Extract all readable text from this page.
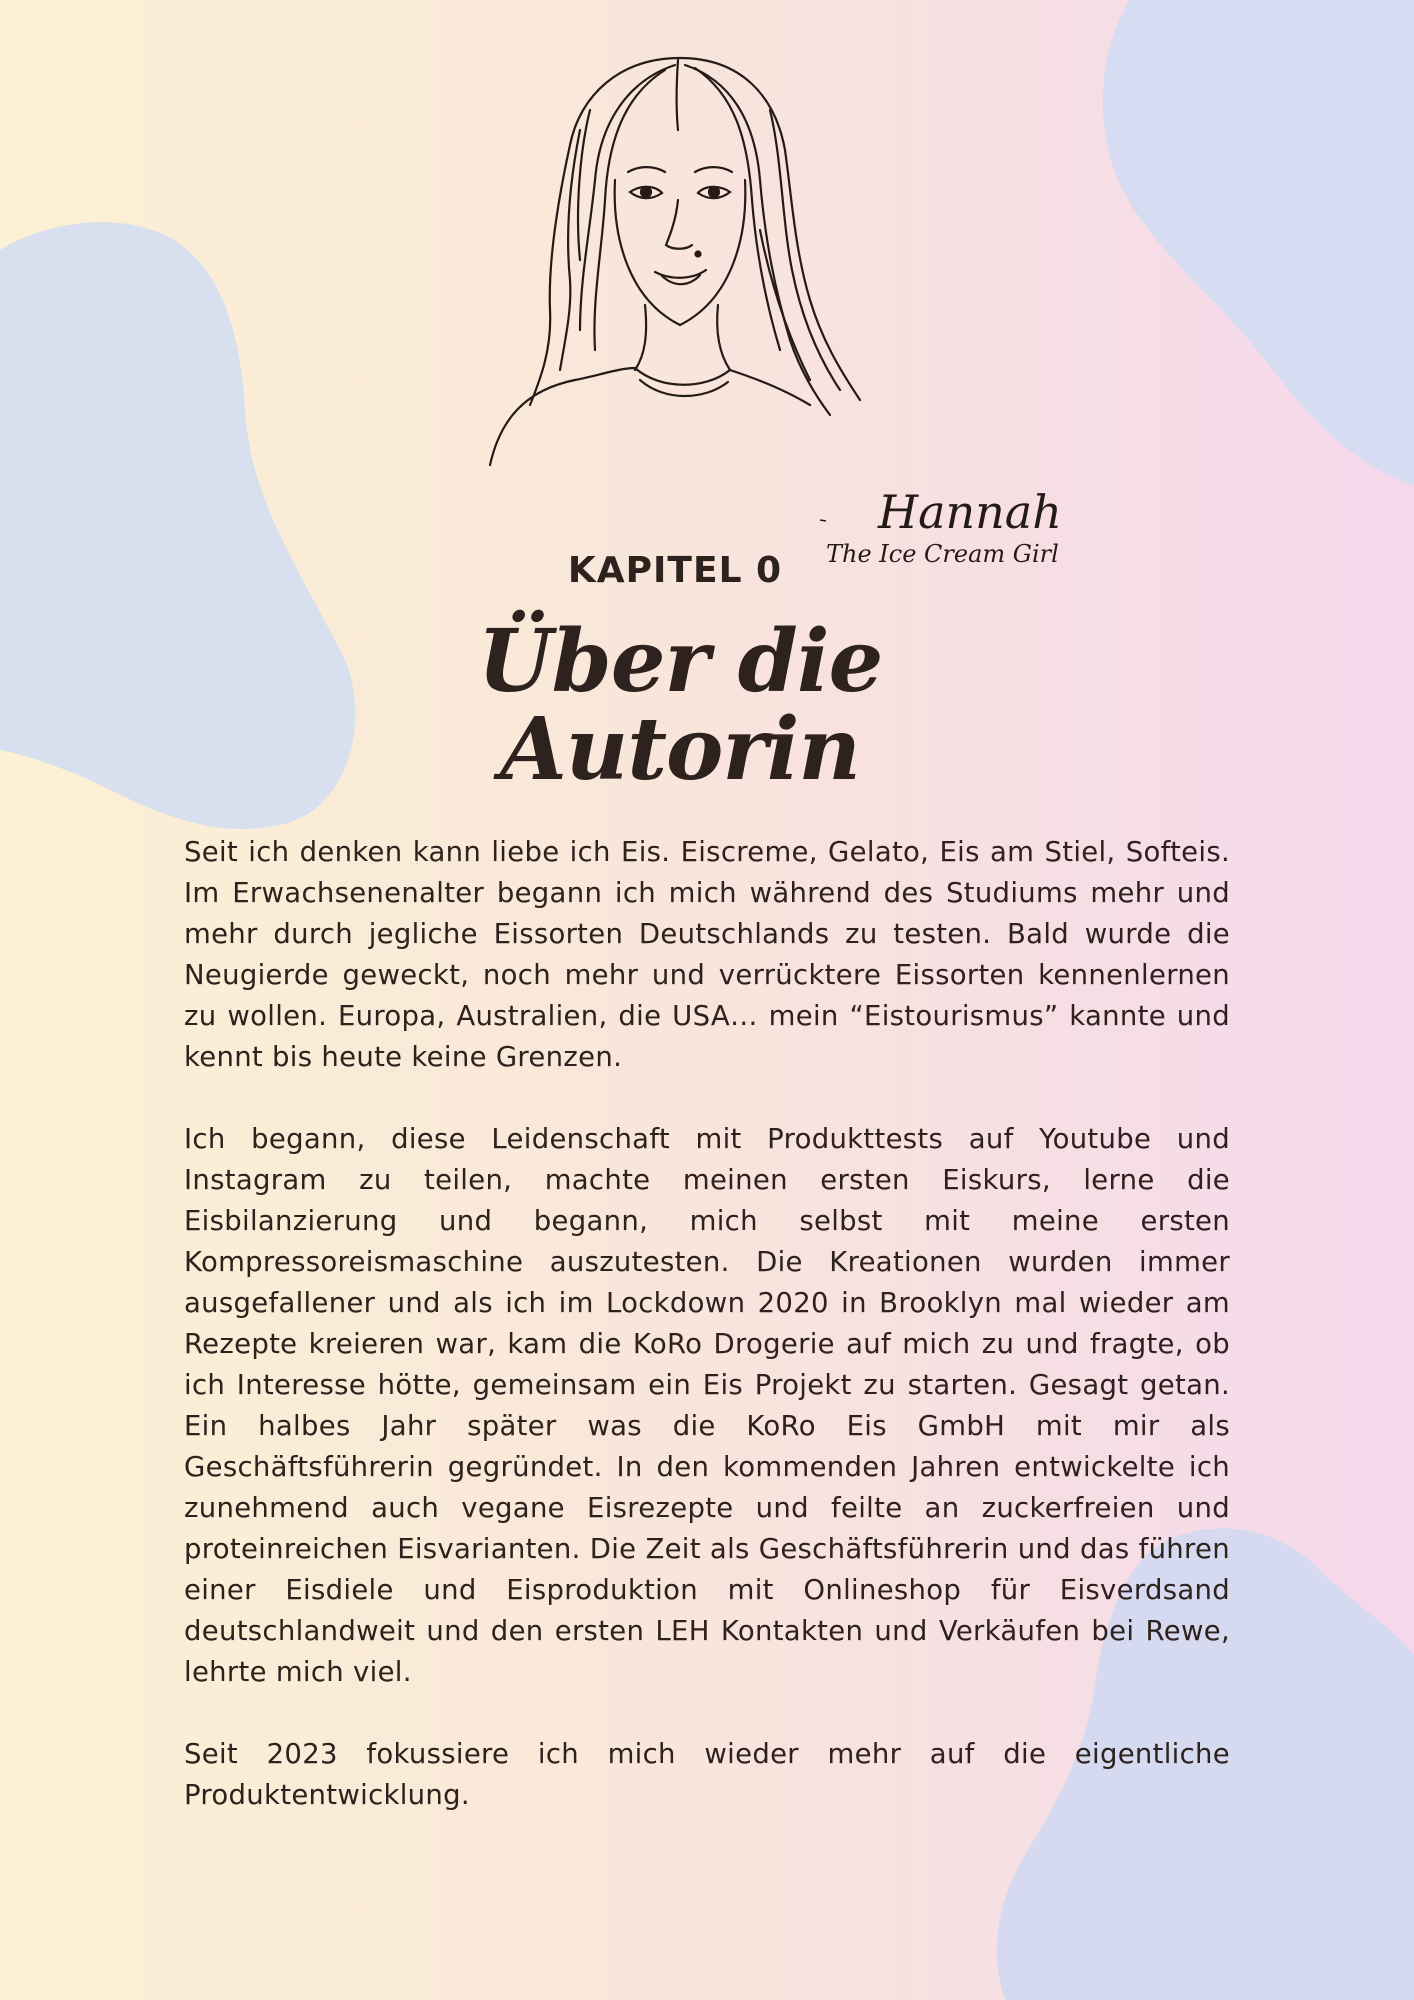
Hannah
The Ice Cream Girl
KAPITEL 0
Über die
Autorin

Seit ich denken kann liebe ich Eis. Eiscreme, Gelato, Eis am Stiel, Softeis. Im Erwachsenenalter begann ich mich während des Studiums mehr und mehr durch jegliche Eissorten Deutschlands zu testen. Bald wurde die Neugierde geweckt, noch mehr und verrücktere Eissorten kennenlernen zu wollen. Europa, Australien, die USA… mein “Eistourismus” kannte und kennt bis heute keine Grenzen.

Ich begann, diese Leidenschaft mit Produkttests auf Youtube und Instagram zu teilen, machte meinen ersten Eiskurs, lerne die Eisbilanzierung und begann, mich selbst mit meine ersten Kompressoreismaschine auszutesten. Die Kreationen wurden immer ausgefallener und als ich im Lockdown 2020 in Brooklyn mal wieder am Rezepte kreieren war, kam die KoRo Drogerie auf mich zu und fragte, ob ich Interesse hötte, gemeinsam ein Eis Projekt zu starten. Gesagt getan. Ein halbes Jahr später was die KoRo Eis GmbH mit mir als Geschäftsführerin gegründet. In den kommenden Jahren entwickelte ich zunehmend auch vegane Eisrezepte und feilte an zuckerfreien und proteinreichen Eisvarianten. Die Zeit als Geschäftsführerin und das führen einer Eisdiele und Eisproduktion mit Onlineshop für Eisverdsand deutschlandweit und den ersten LEH Kontakten und Verkäufen bei Rewe, lehrte mich viel.

Seit 2023 fokussiere ich mich wieder mehr auf die eigentliche Produktentwicklung.
